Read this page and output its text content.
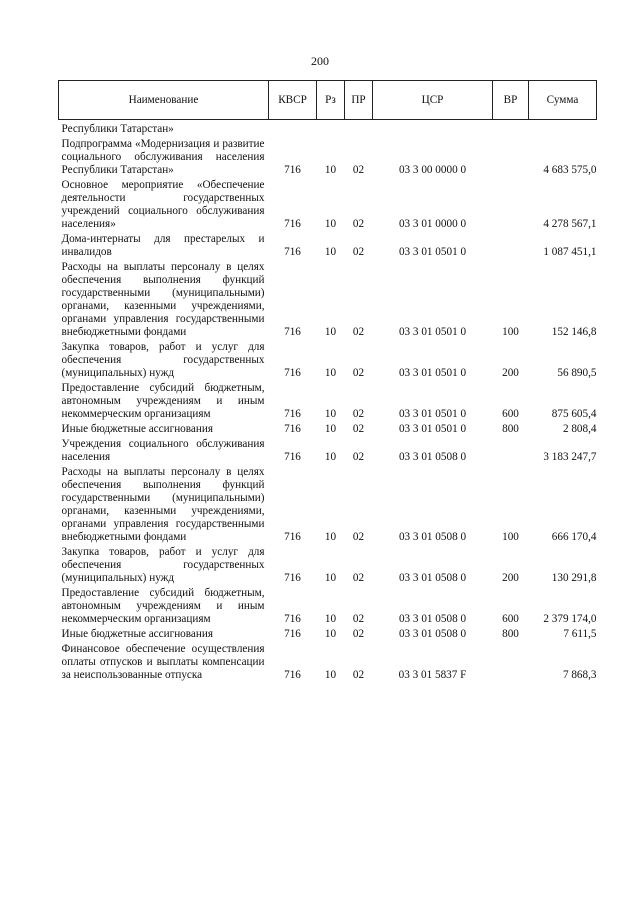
200
Наименование	КВСР	Рз	ПР	ЦСР	ВР	Сумма
Республики Татарстан»						
Подпрограмма «Модернизация и развитие социального обслуживания населения Республики Татарстан»	716	10	02	03 3 00 0000 0		4 683 575,0
Основное мероприятие «Обеспечение деятельности государственных учреждений социального обслуживания населения»	716	10	02	03 3 01 0000 0		4 278 567,1
Дома-интернаты для престарелых и инвалидов	716	10	02	03 3 01 0501 0		1 087 451,1
Расходы на выплаты персоналу в целях обеспечения выполнения функций государственными (муниципальными) органами, казенными учреждениями, органами управления государственными внебюджетными фондами	716	10	02	03 3 01 0501 0	100	152 146,8
Закупка товаров, работ и услуг для обеспечения государственных (муниципальных) нужд	716	10	02	03 3 01 0501 0	200	56 890,5
Предоставление субсидий бюджетным, автономным учреждениям и иным некоммерческим организациям	716	10	02	03 3 01 0501 0	600	875 605,4
Иные бюджетные ассигнования	716	10	02	03 3 01 0501 0	800	2 808,4
Учреждения социального обслуживания населения	716	10	02	03 3 01 0508 0		3 183 247,7
Расходы на выплаты персоналу в целях обеспечения выполнения функций государственными (муниципальными) органами, казенными учреждениями, органами управления государственными внебюджетными фондами	716	10	02	03 3 01 0508 0	100	666 170,4
Закупка товаров, работ и услуг для обеспечения государственных (муниципальных) нужд	716	10	02	03 3 01 0508 0	200	130 291,8
Предоставление субсидий бюджетным, автономным учреждениям и иным некоммерческим организациям	716	10	02	03 3 01 0508 0	600	2 379 174,0
Иные бюджетные ассигнования	716	10	02	03 3 01 0508 0	800	7 611,5
Финансовое обеспечение осуществления оплаты отпусков и выплаты компенсации за неиспользованные отпуска	716	10	02	03 3 01 5837 F		7 868,3
